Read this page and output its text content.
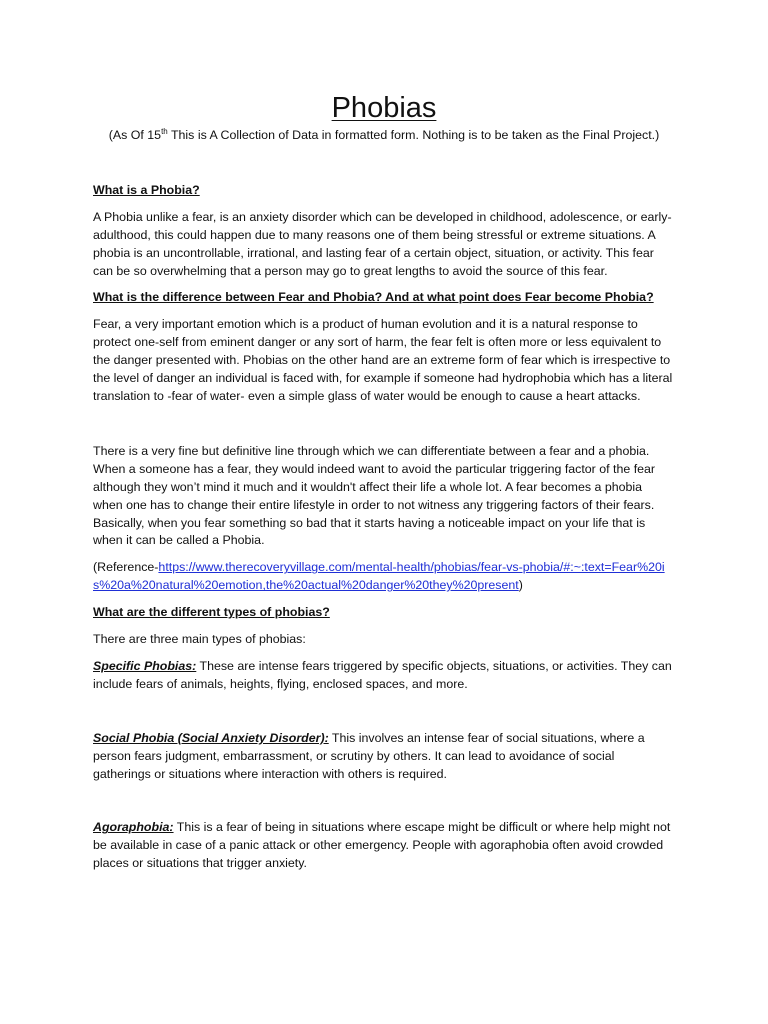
Phobias

(As Of 15th This is A Collection of Data in formatted form. Nothing is to be taken as the Final Project.)

What is a Phobia?

A Phobia unlike a fear, is an anxiety disorder which can be developed in childhood, adolescence, or early-adulthood, this could happen due to many reasons one of them being stressful or extreme situations. A phobia is an uncontrollable, irrational, and lasting fear of a certain object, situation, or activity. This fear can be so overwhelming that a person may go to great lengths to avoid the source of this fear.

What is the difference between Fear and Phobia? And at what point does Fear become Phobia?

Fear, a very important emotion which is a product of human evolution and it is a natural response to protect one-self from eminent danger or any sort of harm, the fear felt is often more or less equivalent to the danger presented with. Phobias on the other hand are an extreme form of fear which is irrespective to the level of danger an individual is faced with, for example if someone had hydrophobia which has a literal translation to -fear of water- even a simple glass of water would be enough to cause a heart attacks.

There is a very fine but definitive line through which we can differentiate between a fear and a phobia. When a someone has a fear, they would indeed want to avoid the particular triggering factor of the fear although they won’t mind it much and it wouldn't affect their life a whole lot. A fear becomes a phobia when one has to change their entire lifestyle in order to not witness any triggering factors of their fears. Basically, when you fear something so bad that it starts having a noticeable impact on your life that is when it can be called a Phobia.

(Reference-https://www.therecoveryvillage.com/mental-health/phobias/fear-vs-phobia/#:~:text=Fear%20is%20a%20natural%20emotion,the%20actual%20danger%20they%20present)

What are the different types of phobias?

There are three main types of phobias:

Specific Phobias: These are intense fears triggered by specific objects, situations, or activities. They can include fears of animals, heights, flying, enclosed spaces, and more.

Social Phobia (Social Anxiety Disorder): This involves an intense fear of social situations, where a person fears judgment, embarrassment, or scrutiny by others. It can lead to avoidance of social gatherings or situations where interaction with others is required.

Agoraphobia: This is a fear of being in situations where escape might be difficult or where help might not be available in case of a panic attack or other emergency. People with agoraphobia often avoid crowded places or situations that trigger anxiety.
